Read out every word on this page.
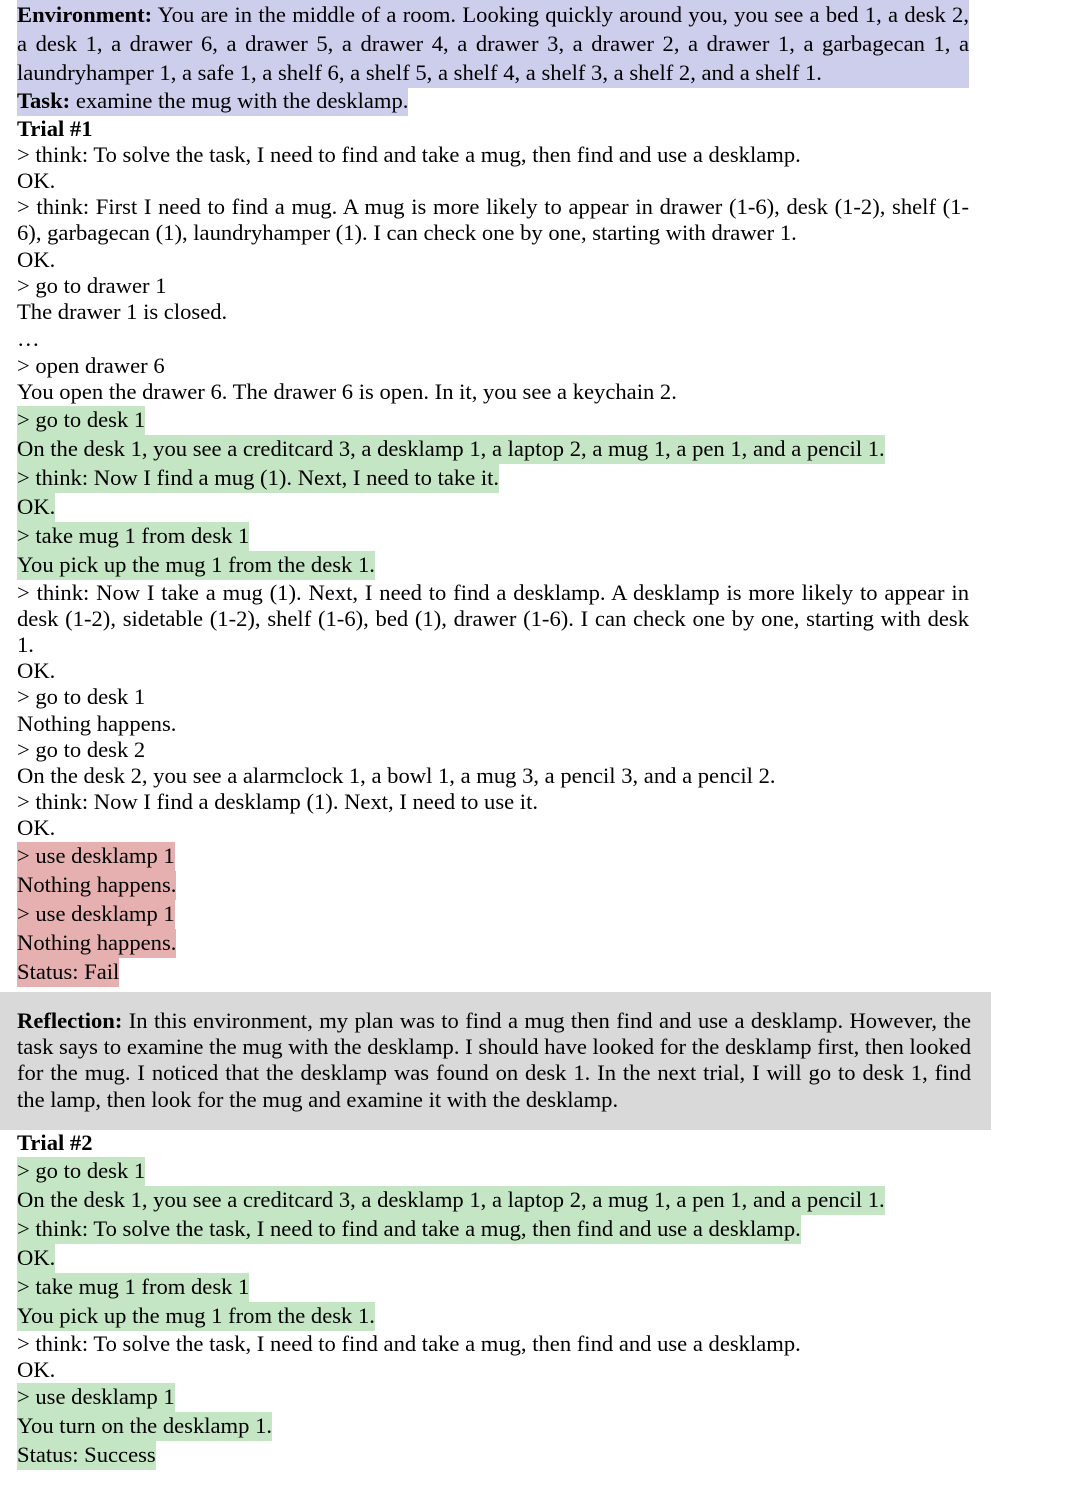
Environment: You are in the middle of a room. Looking quickly around you, you see a bed 1, a desk 2, a desk 1, a drawer 6, a drawer 5, a drawer 4, a drawer 3, a drawer 2, a drawer 1, a garbagecan 1, a laundryhamper 1, a safe 1, a shelf 6, a shelf 5, a shelf 4, a shelf 3, a shelf 2, and a shelf 1.
Task: examine the mug with the desklamp.
Trial #1
> think: To solve the task, I need to find and take a mug, then find and use a desklamp.
OK.
> think: First I need to find a mug. A mug is more likely to appear in drawer (1-6), desk (1-2), shelf (1-6), garbagecan (1), laundryhamper (1). I can check one by one, starting with drawer 1.
OK.
> go to drawer 1
The drawer 1 is closed.
…
> open drawer 6
You open the drawer 6. The drawer 6 is open. In it, you see a keychain 2.
> go to desk 1
On the desk 1, you see a creditcard 3, a desklamp 1, a laptop 2, a mug 1, a pen 1, and a pencil 1.
> think: Now I find a mug (1). Next, I need to take it.
OK.
> take mug 1 from desk 1
You pick up the mug 1 from the desk 1.
> think: Now I take a mug (1). Next, I need to find a desklamp. A desklamp is more likely to appear in desk (1-2), sidetable (1-2), shelf (1-6), bed (1), drawer (1-6). I can check one by one, starting with desk 1.
OK.
> go to desk 1
Nothing happens.
> go to desk 2
On the desk 2, you see a alarmclock 1, a bowl 1, a mug 3, a pencil 3, and a pencil 2.
> think: Now I find a desklamp (1). Next, I need to use it.
OK.
> use desklamp 1
Nothing happens.
> use desklamp 1
Nothing happens.
Status: Fail
Reflection: In this environment, my plan was to find a mug then find and use a desklamp. However, the task says to examine the mug with the desklamp. I should have looked for the desklamp first, then looked for the mug. I noticed that the desklamp was found on desk 1. In the next trial, I will go to desk 1, find the lamp, then look for the mug and examine it with the desklamp.
Trial #2
> go to desk 1
On the desk 1, you see a creditcard 3, a desklamp 1, a laptop 2, a mug 1, a pen 1, and a pencil 1.
> think: To solve the task, I need to find and take a mug, then find and use a desklamp.
OK.
> take mug 1 from desk 1
You pick up the mug 1 from the desk 1.
> think: To solve the task, I need to find and take a mug, then find and use a desklamp.
OK.
> use desklamp 1
You turn on the desklamp 1.
Status: Success
